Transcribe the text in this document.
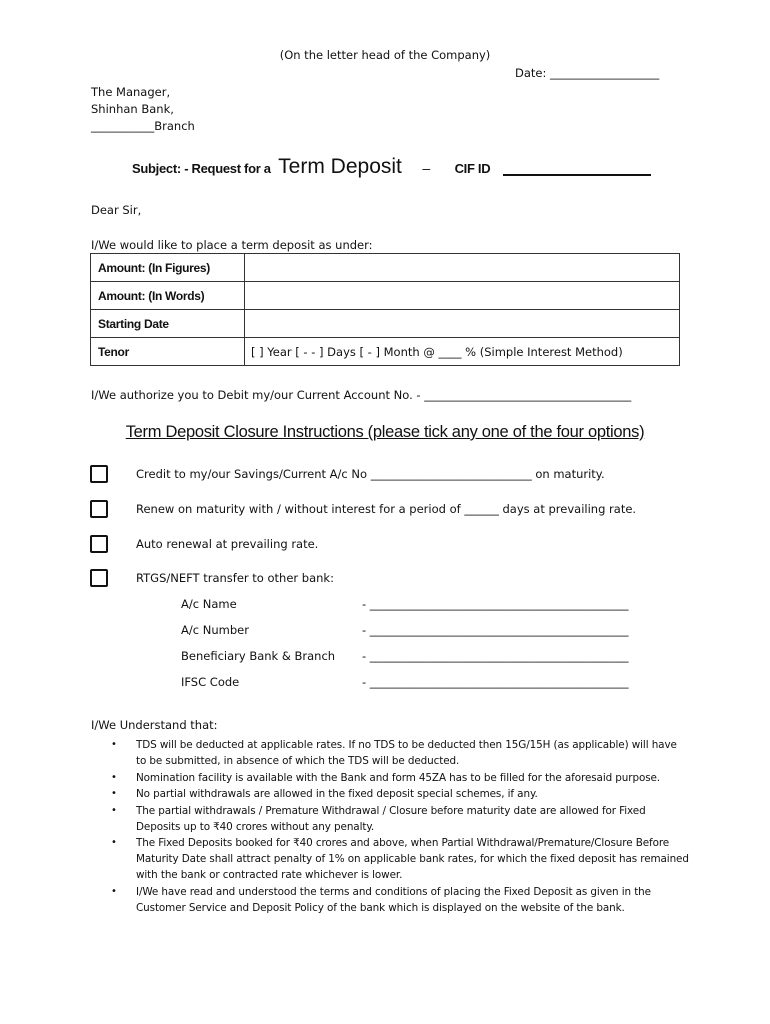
(On the letter head of the Company)
Date: ___________________
The Manager,
Shinhan Bank,
___________Branch
Subject: - Request for a Term Deposit – CIF ID
Dear Sir,
I/We would like to place a term deposit as under:
Amount: (In Figures)	
Amount: (In Words)	
Starting Date	
Tenor	[ ] Year [ - - ] Days [ - ] Month @ ____ % (Simple Interest Method)
I/We authorize you to Debit my/our Current Account No. - ____________________________________
Term Deposit Closure Instructions (please tick any one of the four options)
Credit to my/our Savings/Current A/c No ____________________________ on maturity.
Renew on maturity with / without interest for a period of ______ days at prevailing rate.
Auto renewal at prevailing rate.
RTGS/NEFT transfer to other bank:
A/c Name	- _____________________________________________
A/c Number	- _____________________________________________
Beneficiary Bank & Branch - _____________________________________________
IFSC Code	- _____________________________________________
I/We Understand that:
• TDS will be deducted at applicable rates. If no TDS to be deducted then 15G/15H (as applicable) will have to be submitted, in absence of which the TDS will be deducted.
• Nomination facility is available with the Bank and form 45ZA has to be filled for the aforesaid purpose.
• No partial withdrawals are allowed in the fixed deposit special schemes, if any.
• The partial withdrawals / Premature Withdrawal / Closure before maturity date are allowed for Fixed Deposits up to ₹40 crores without any penalty.
• The Fixed Deposits booked for ₹40 crores and above, when Partial Withdrawal/Premature/Closure Before Maturity Date shall attract penalty of 1% on applicable bank rates, for which the fixed deposit has remained with the bank or contracted rate whichever is lower.
• I/We have read and understood the terms and conditions of placing the Fixed Deposit as given in the Customer Service and Deposit Policy of the bank which is displayed on the website of the bank.
